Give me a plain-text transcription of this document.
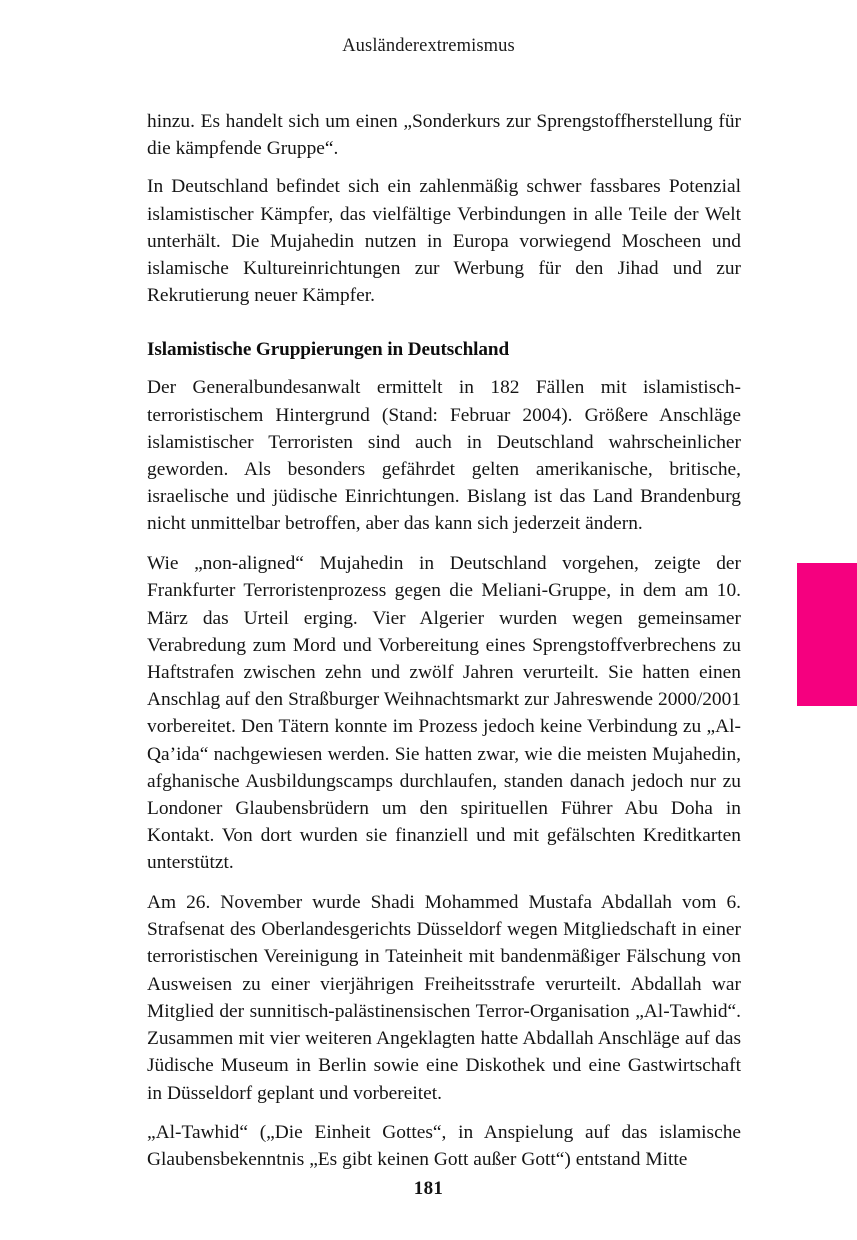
Ausländerextremismus

hinzu. Es handelt sich um einen „Sonderkurs zur Sprengstoffherstellung für die kämpfende Gruppe“.

In Deutschland befindet sich ein zahlenmäßig schwer fassbares Potenzial islamistischer Kämpfer, das vielfältige Verbindungen in alle Teile der Welt unterhält. Die Mujahedin nutzen in Europa vorwiegend Moscheen und islamische Kultureinrichtungen zur Werbung für den Jihad und zur Rekrutierung neuer Kämpfer.

Islamistische Gruppierungen in Deutschland

Der Generalbundesanwalt ermittelt in 182 Fällen mit islamistisch-terroristischem Hintergrund (Stand: Februar 2004). Größere Anschläge islamistischer Terroristen sind auch in Deutschland wahrscheinlicher geworden. Als besonders gefährdet gelten amerikanische, britische, israelische und jüdische Einrichtungen. Bislang ist das Land Brandenburg nicht unmittelbar betroffen, aber das kann sich jederzeit ändern.

Wie „non-aligned“ Mujahedin in Deutschland vorgehen, zeigte der Frankfurter Terroristenprozess gegen die Meliani-Gruppe, in dem am 10. März das Urteil erging. Vier Algerier wurden wegen gemeinsamer Verabredung zum Mord und Vorbereitung eines Sprengstoffverbrechens zu Haftstrafen zwischen zehn und zwölf Jahren verurteilt. Sie hatten einen Anschlag auf den Straßburger Weihnachtsmarkt zur Jahreswende 2000/2001 vorbereitet. Den Tätern konnte im Prozess jedoch keine Verbindung zu „Al-Qa’ida“ nachgewiesen werden. Sie hatten zwar, wie die meisten Mujahedin, afghanische Ausbildungscamps durchlaufen, standen danach jedoch nur zu Londoner Glaubensbrüdern um den spirituellen Führer Abu Doha in Kontakt. Von dort wurden sie finanziell und mit gefälschten Kreditkarten unterstützt.

Am 26. November wurde Shadi Mohammed Mustafa Abdallah vom 6. Strafsenat des Oberlandesgerichts Düsseldorf wegen Mitgliedschaft in einer terroristischen Vereinigung in Tateinheit mit bandenmäßiger Fälschung von Ausweisen zu einer vierjährigen Freiheitsstrafe verurteilt. Abdallah war Mitglied der sunnitisch-palästinensischen Terror-Organisation „Al-Tawhid“. Zusammen mit vier weiteren Angeklagten hatte Abdallah Anschläge auf das Jüdische Museum in Berlin sowie eine Diskothek und eine Gastwirtschaft in Düsseldorf geplant und vorbereitet.

„Al-Tawhid“ („Die Einheit Gottes“, in Anspielung auf das islamische Glaubensbekenntnis „Es gibt keinen Gott außer Gott“) entstand Mitte

181
